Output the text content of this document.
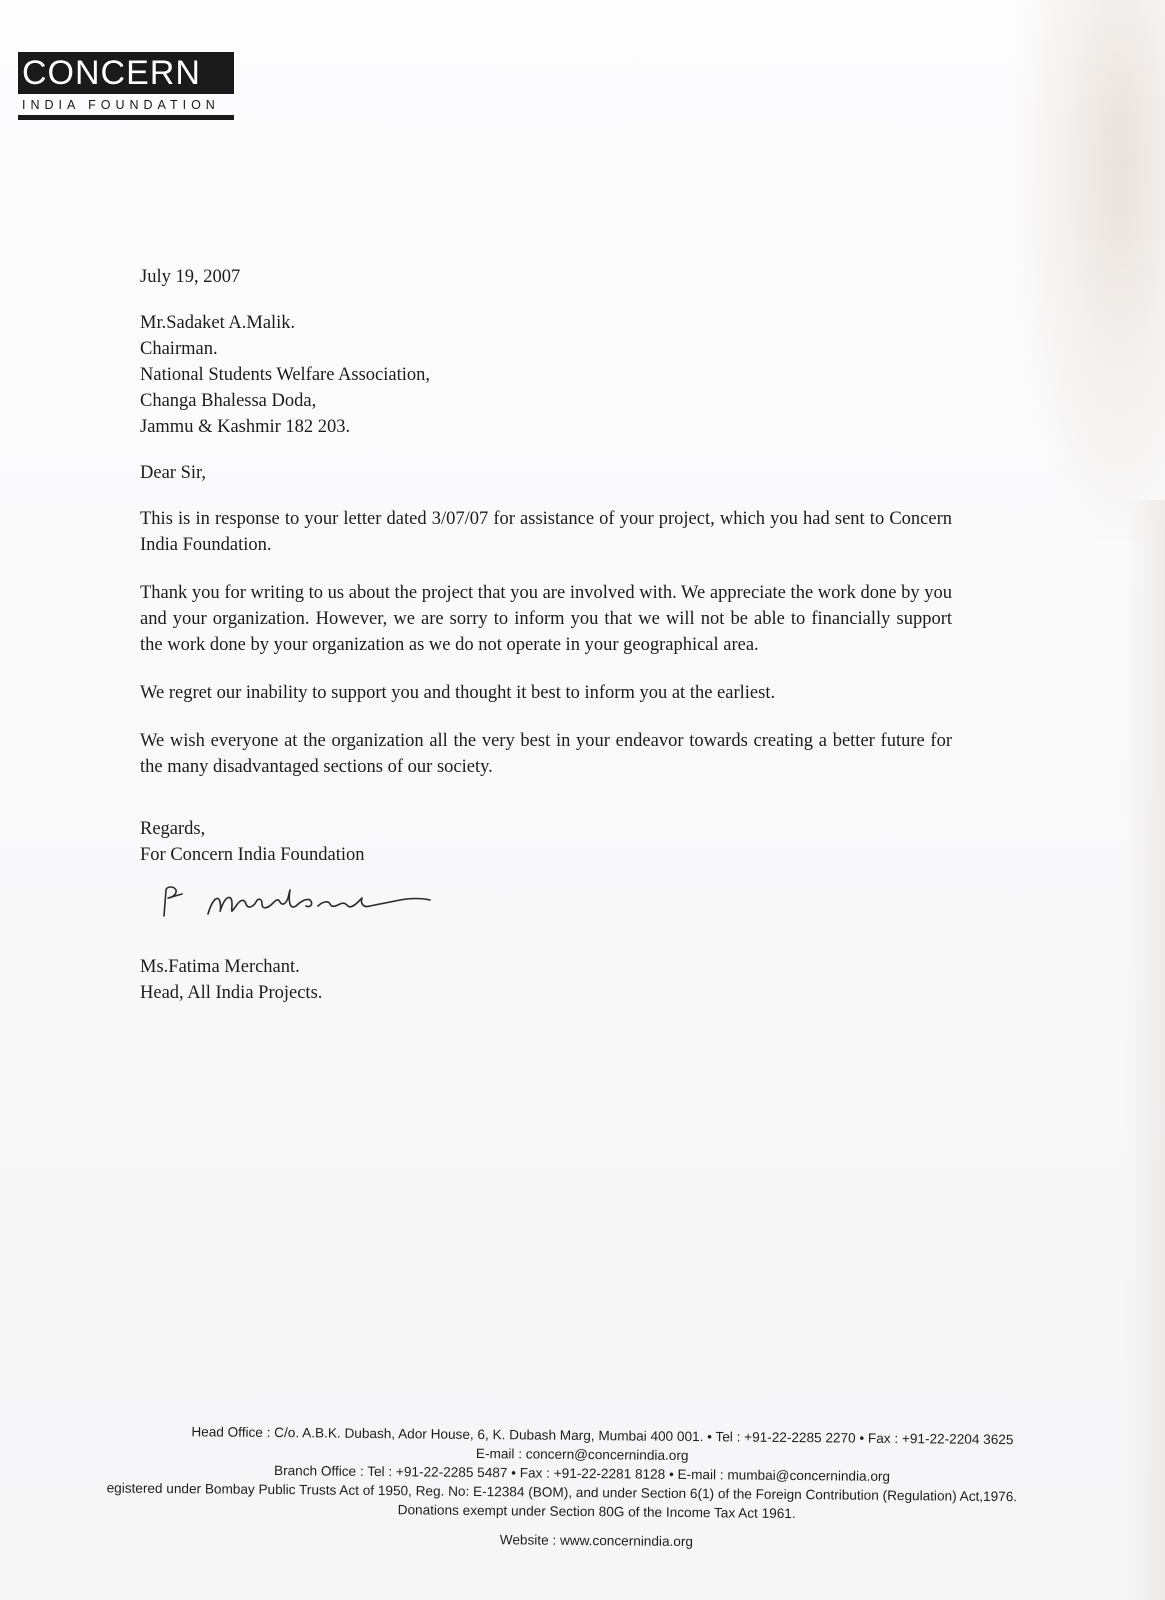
CONCERN
INDIA FOUNDATION
July 19, 2007
Mr.Sadaket A.Malik.
Chairman.
National Students Welfare Association,
Changa Bhalessa Doda,
Jammu & Kashmir 182 203.
Dear Sir,

This is in response to your letter dated 3/07/07 for assistance of your project, which you had sent to Concern India Foundation.

Thank you for writing to us about the project that you are involved with. We appreciate the work done by you and your organization. However, we are sorry to inform you that we will not be able to financially support the work done by your organization as we do not operate in your geographical area.

We regret our inability to support you and thought it best to inform you at the earliest.

We wish everyone at the organization all the very best in your endeavor towards creating a better future for the many disadvantaged sections of our society.

Regards,
For Concern India Foundation
Ms.Fatima Merchant.
Head, All India Projects.
Head Office : C/o. A.B.K. Dubash, Ador House, 6, K. Dubash Marg, Mumbai 400 001. • Tel : +91-22-2285 2270 • Fax : +91-22-2204 3625
E-mail : concern@concernindia.org
Branch Office : Tel : +91-22-2285 5487 • Fax : +91-22-2281 8128 • E-mail : mumbai@concernindia.org
egistered under Bombay Public Trusts Act of 1950, Reg. No: E-12384 (BOM), and under Section 6(1) of the Foreign Contribution (Regulation) Act,1976.
Donations exempt under Section 80G of the Income Tax Act 1961.
Website : www.concernindia.org
